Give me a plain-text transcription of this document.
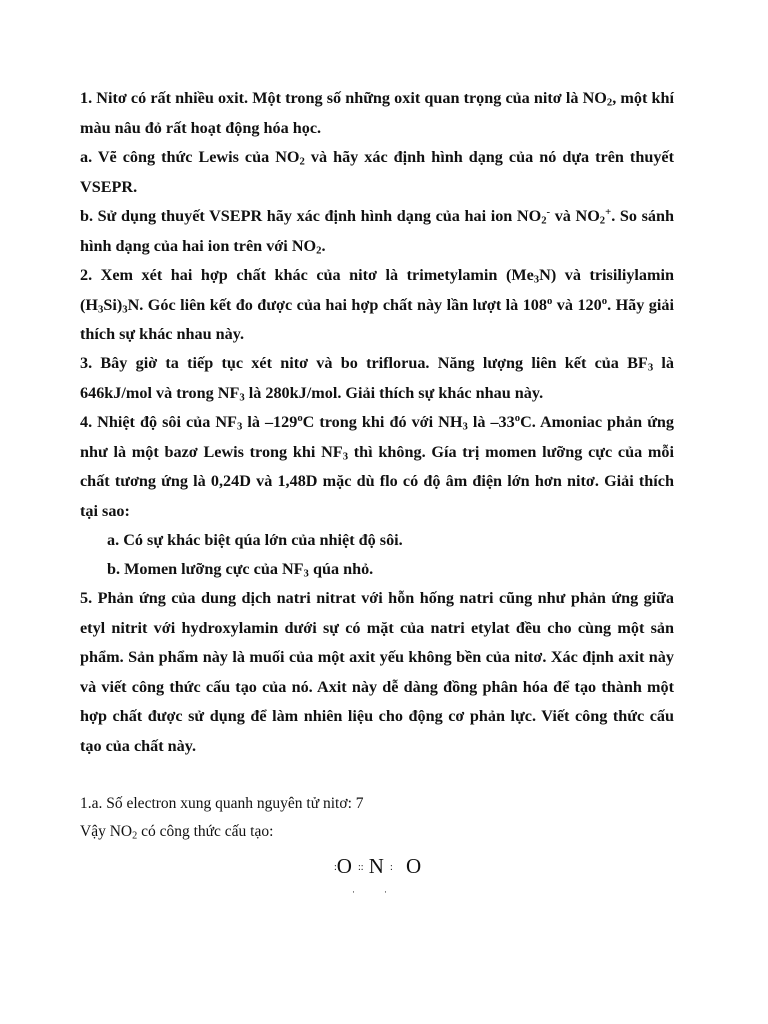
1. Nitơ có rất nhiều oxit. Một trong số những oxit quan trọng của nitơ là $NO_2$, một khí màu nâu đỏ rất hoạt động hóa học.
a. Vẽ công thức Lewis của $NO_2$ và hãy xác định hình dạng của nó dựa trên thuyết VSEPR.
b. Sử dụng thuyết VSEPR hãy xác định hình dạng của hai ion $NO_2^-$ và $NO_2^+$. So sánh hình dạng của hai ion trên với $NO_2$.
2. Xem xét hai hợp chất khác của nitơ là trimetylamin $(Me_3N)$ và trisiliylamin $(H_3Si)_3N$. Góc liên kết đo được của hai hợp chất này lần lượt là 108$^o$ và 120$^o$. Hãy giải thích sự khác nhau này.
3. Bây giờ ta tiếp tục xét nitơ và bo triflorua. Năng lượng liên kết của $BF_3$ là 646kJ/mol và trong $NF_3$ là 280kJ/mol. Giải thích sự khác nhau này.
4. Nhiệt độ sôi của $NF_3$ là –129$^o$C trong khi đó với $NH_3$ là –33$^o$C. Amoniac phản ứng như là một bazơ Lewis trong khi $NF_3$ thì không. Gía trị momen lưỡng cực của mỗi chất tương ứng là 0,24D và 1,48D mặc dù flo có độ âm điện lớn hơn nitơ. Giải thích tại sao:
a. Có sự khác biệt qúa lớn của nhiệt độ sôi.
b. Momen lưỡng cực của $NF_3$ qúa nhỏ.
5. Phản ứng của dung dịch natri nitrat với hỗn hống natri cũng như phản ứng giữa etyl nitrit với hydroxylamin dưới sự có mặt của natri etylat đều cho cùng một sản phẩm. Sản phẩm này là muối của một axit yếu không bền của nitơ. Xác định axit này và viết công thức cấu tạo của nó. Axit này dễ dàng đồng phân hóa để tạo thành một hợp chất được sử dụng để làm nhiên liệu cho động cơ phản lực. Viết công thức cấu tạo của chất này.
1.a. Số electron xung quanh nguyên tử nitơ: 7
Vậy $NO_2$ có công thức cấu tạo:
:O·:: N·: O
